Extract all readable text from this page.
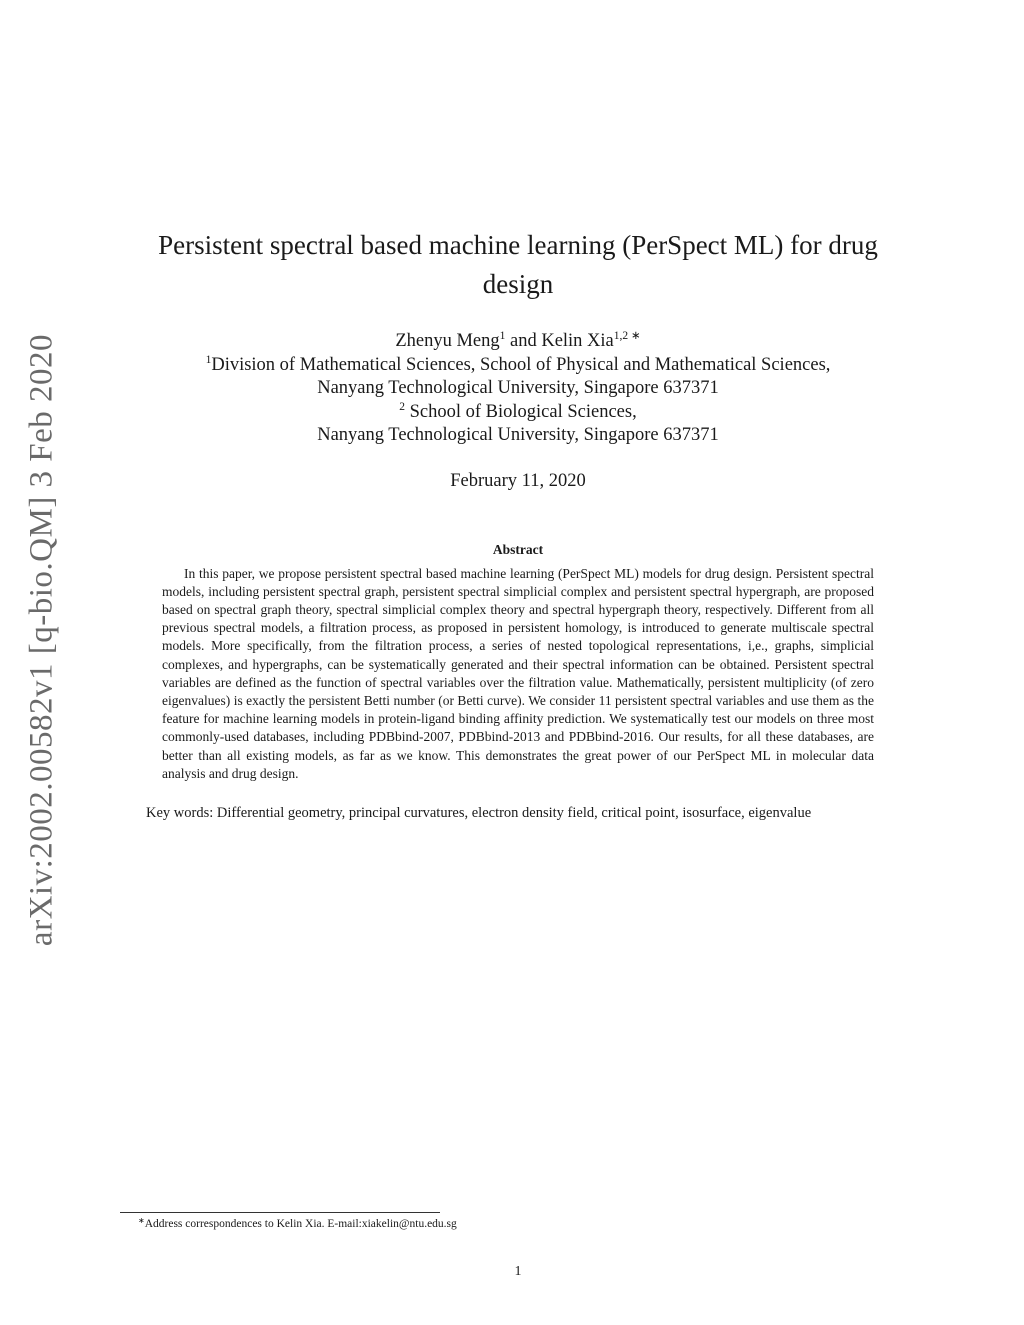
arXiv:2002.00582v1 [q-bio.QM] 3 Feb 2020
Persistent spectral based machine learning (PerSpect ML) for drug design
Zhenyu Meng$^1$ and Kelin Xia$^{1,2 ∗}$
$^1$Division of Mathematical Sciences, School of Physical and Mathematical Sciences,
Nanyang Technological University, Singapore 637371
$^2$ School of Biological Sciences,
Nanyang Technological University, Singapore 637371
February 11, 2020
Abstract

In this paper, we propose persistent spectral based machine learning (PerSpect ML) models for drug design. Persistent spectral models, including persistent spectral graph, persistent spectral simplicial complex and persistent spectral hypergraph, are proposed based on spectral graph theory, spectral simplicial complex theory and spectral hypergraph theory, respectively. Different from all previous spectral models, a filtration process, as proposed in persistent homology, is introduced to generate multiscale spectral models. More specifically, from the filtration process, a series of nested topological representations, i,e., graphs, simplicial complexes, and hypergraphs, can be systematically generated and their spectral information can be obtained. Persistent spectral variables are defined as the function of spectral variables over the filtration value. Mathematically, persistent multiplicity (of zero eigenvalues) is exactly the persistent Betti number (or Betti curve). We consider 11 persistent spectral variables and use them as the feature for machine learning models in protein-ligand binding affinity prediction. We systematically test our models on three most commonly-used databases, including PDBbind-2007, PDBbind-2013 and PDBbind-2016. Our results, for all these databases, are better than all existing models, as far as we know. This demonstrates the great power of our PerSpect ML in molecular data analysis and drug design.

Key words: Differential geometry, principal curvatures, electron density field, critical point, isosurface, eigenvalue

∗Address correspondences to Kelin Xia. E-mail:xiakelin@ntu.edu.sg
1
